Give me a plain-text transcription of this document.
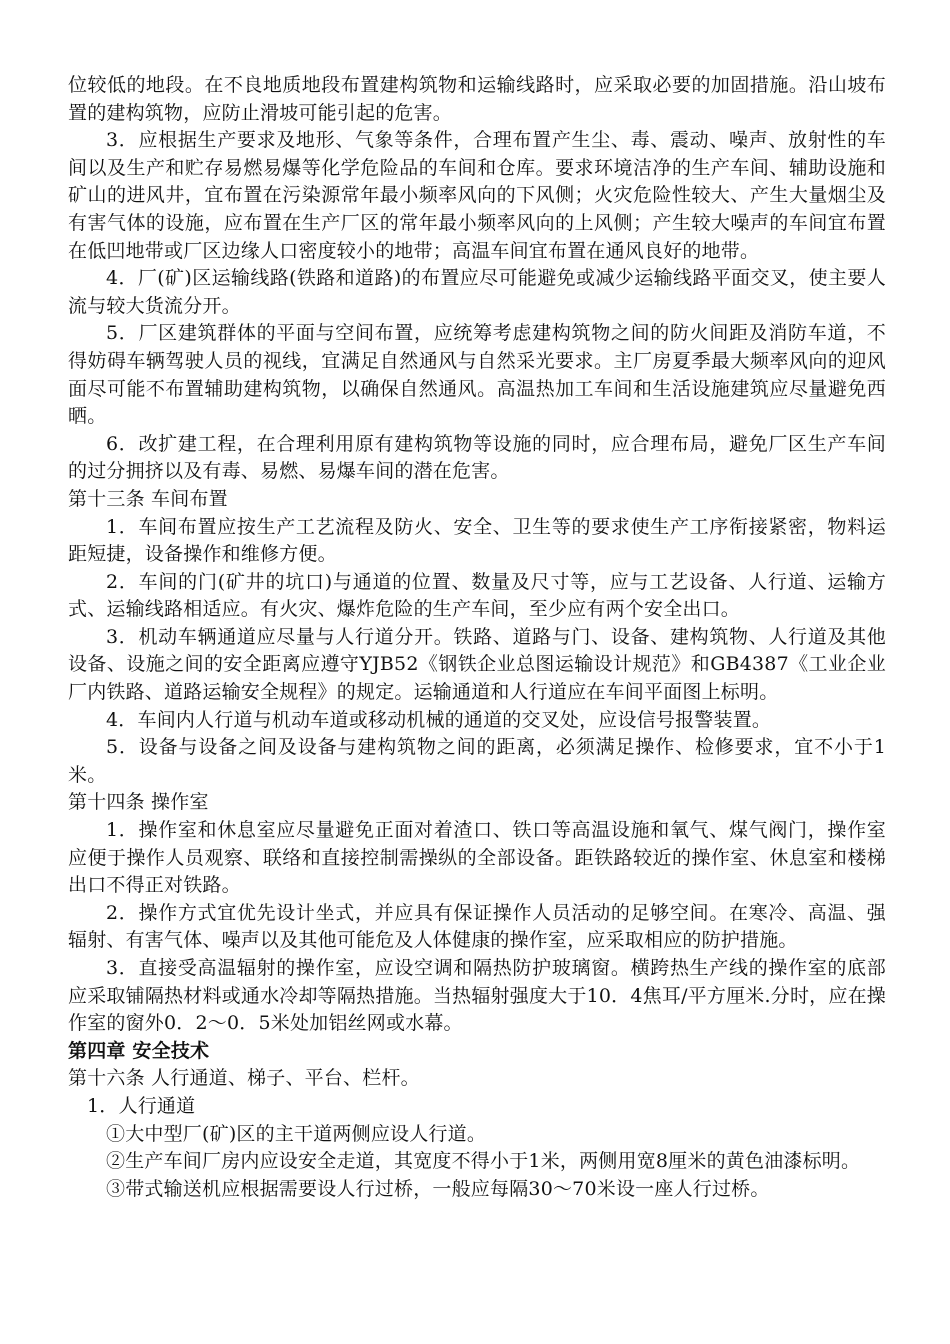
位较低的地段。在不良地质地段布置建构筑物和运输线路时，应采取必要的加固措施。沿山坡布置的建构筑物，应防止滑坡可能引起的危害。

3．应根据生产要求及地形、气象等条件，合理布置产生尘、毒、震动、噪声、放射性的车间以及生产和贮存易燃易爆等化学危险品的车间和仓库。要求环境洁净的生产车间、辅助设施和矿山的进风井，宜布置在污染源常年最小频率风向的下风侧；火灾危险性较大、产生大量烟尘及有害气体的设施，应布置在生产厂区的常年最小频率风向的上风侧；产生较大噪声的车间宜布置在低凹地带或厂区边缘人口密度较小的地带；高温车间宜布置在通风良好的地带。

4．厂(矿)区运输线路(铁路和道路)的布置应尽可能避免或减少运输线路平面交叉，使主要人流与较大货流分开。

5．厂区建筑群体的平面与空间布置，应统筹考虑建构筑物之间的防火间距及消防车道，不得妨碍车辆驾驶人员的视线，宜满足自然通风与自然采光要求。主厂房夏季最大频率风向的迎风面尽可能不布置辅助建构筑物，以确保自然通风。高温热加工车间和生活设施建筑应尽量避免西晒。

6．改扩建工程，在合理利用原有建构筑物等设施的同时，应合理布局，避免厂区生产车间的过分拥挤以及有毒、易燃、易爆车间的潜在危害。

第十三条 车间布置

1．车间布置应按生产工艺流程及防火、安全、卫生等的要求使生产工序衔接紧密，物料运距短捷，设备操作和维修方便。

2．车间的门(矿井的坑口)与通道的位置、数量及尺寸等，应与工艺设备、人行道、运输方式、运输线路相适应。有火灾、爆炸危险的生产车间，至少应有两个安全出口。

3．机动车辆通道应尽量与人行道分开。铁路、道路与门、设备、建构筑物、人行道及其他设备、设施之间的安全距离应遵守YJB52《钢铁企业总图运输设计规范》和GB4387《工业企业厂内铁路、道路运输安全规程》的规定。运输通道和人行道应在车间平面图上标明。

4．车间内人行道与机动车道或移动机械的通道的交叉处，应设信号报警装置。

5．设备与设备之间及设备与建构筑物之间的距离，必须满足操作、检修要求，宜不小于1米。

第十四条 操作室

1．操作室和休息室应尽量避免正面对着渣口、铁口等高温设施和氧气、煤气阀门，操作室应便于操作人员观察、联络和直接控制需操纵的全部设备。距铁路较近的操作室、休息室和楼梯出口不得正对铁路。

2．操作方式宜优先设计坐式，并应具有保证操作人员活动的足够空间。在寒冷、高温、强辐射、有害气体、噪声以及其他可能危及人体健康的操作室，应采取相应的防护措施。

3．直接受高温辐射的操作室，应设空调和隔热防护玻璃窗。横跨热生产线的操作室的底部应采取铺隔热材料或通水冷却等隔热措施。当热辐射强度大于10．4焦耳/平方厘米.分时，应在操作室的窗外0．2～0．5米处加铝丝网或水幕。

第四章 安全技术

第十六条 人行通道、梯子、平台、栏杆。

1．人行通道

①大中型厂(矿)区的主干道两侧应设人行道。

②生产车间厂房内应设安全走道，其宽度不得小于1米，两侧用宽8厘米的黄色油漆标明。

③带式输送机应根据需要设人行过桥，一般应每隔30～70米设一座人行过桥。
